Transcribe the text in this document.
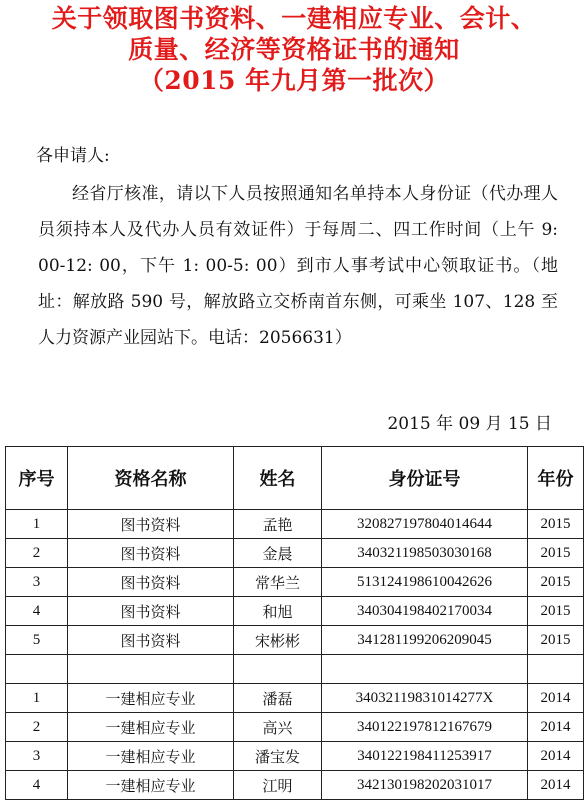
关于领取图书资料、一建相应专业、会计、
质量、经济等资格证书的通知
（2015 年九月第一批次）
各申请人:
经省厅核准，请以下人员按照通知名单持本人身份证（代办理人员须持本人及代办人员有效证件）于每周二、四工作时间（上午 9: 00-12: 00，下午 1: 00-5: 00）到市人事考试中心领取证书。（地址：解放路 590 号，解放路立交桥南首东侧，可乘坐 107、128 至人力资源产业园站下。电话：2056631）
2015 年 09 月 15 日
序号	资格名称	姓名	身份证号	年份
1	图书资料	孟艳	320827197804014644	2015
2	图书资料	金晨	340321198503030168	2015
3	图书资料	常华兰	513124198610042626	2015
4	图书资料	和旭	340304198402170034	2015
5	图书资料	宋彬彬	341281199206209045	2015

1	一建相应专业	潘磊	34032119831014277X	2014
2	一建相应专业	高兴	340122197812167679	2014
3	一建相应专业	潘宝发	340122198411253917	2014
4	一建相应专业	江明	342130198202031017	2014
